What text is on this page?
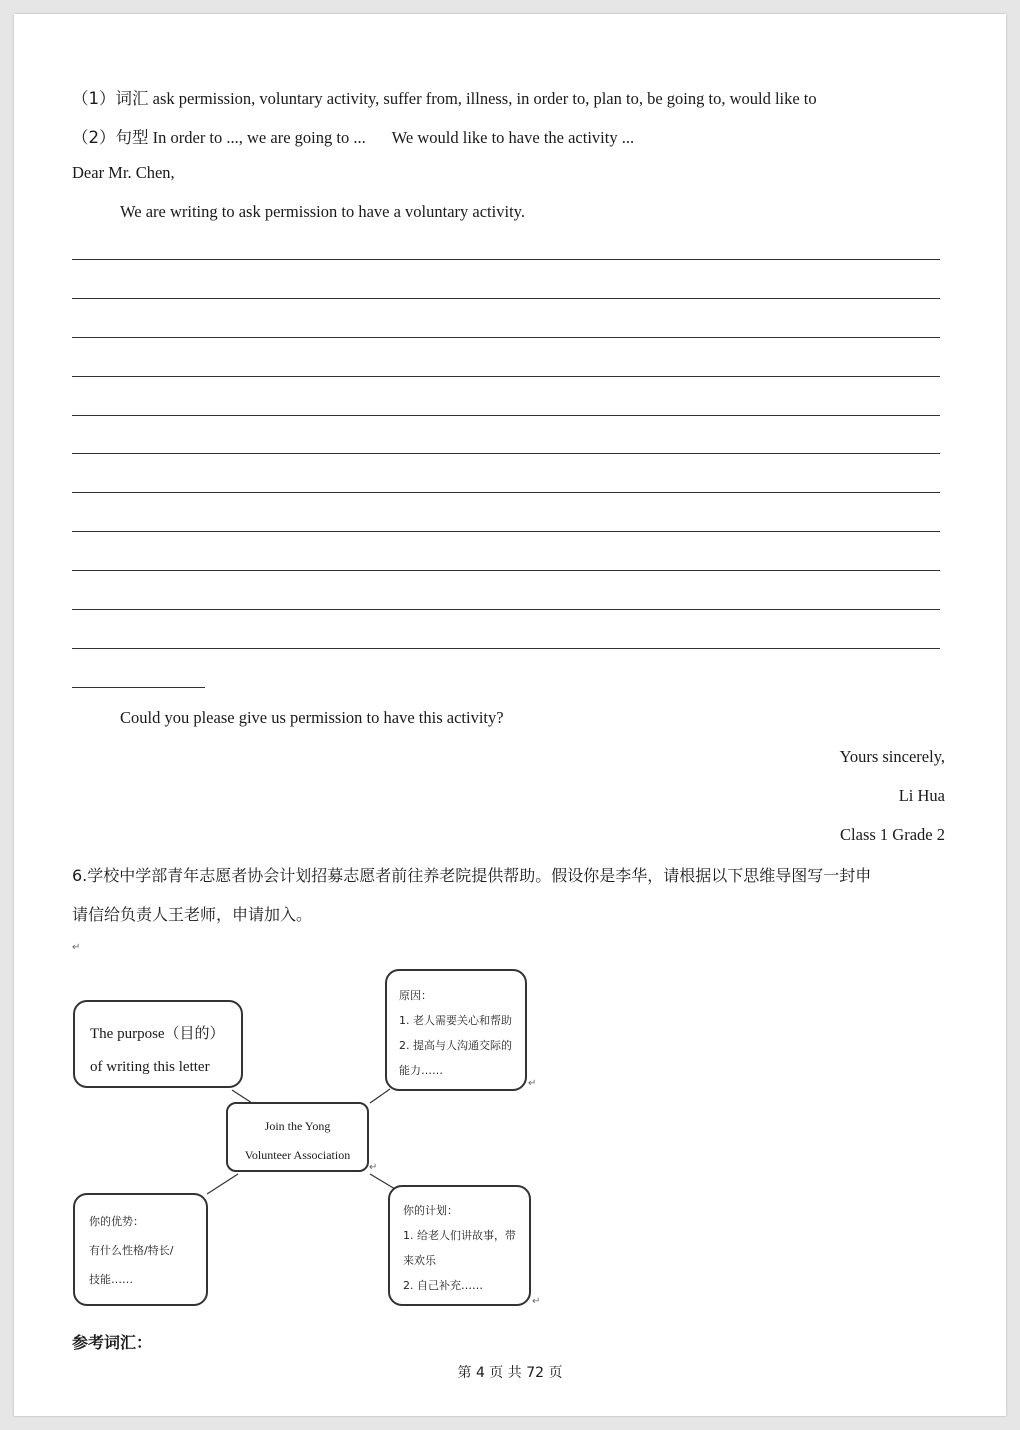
（1）词汇 ask permission, voluntary activity, suffer from, illness, in order to, plan to, be going to, would like to
（2）句型 In order to ..., we are going to ... We would like to have the activity ...
Dear Mr. Chen,
We are writing to ask permission to have a voluntary activity.
Could you please give us permission to have this activity?
Yours sincerely,
Li Hua
Class 1 Grade 2
6.学校中学部青年志愿者协会计划招募志愿者前往养老院提供帮助。假设你是李华，请根据以下思维导图写一封申
请信给负责人王老师，申请加入。
↵
The purpose（目的）
of writing this letter
原因：
1. 老人需要关心和帮助
2. 提高与人沟通交际的
能力……
↵
Join the Yong
Volunteer Association
↵
你的优势：
有什么性格/特长/
技能……
你的计划：
1. 给老人们讲故事，带
来欢乐
2. 自己补充……
↵
参考词汇：
第 4 页 共 72 页
